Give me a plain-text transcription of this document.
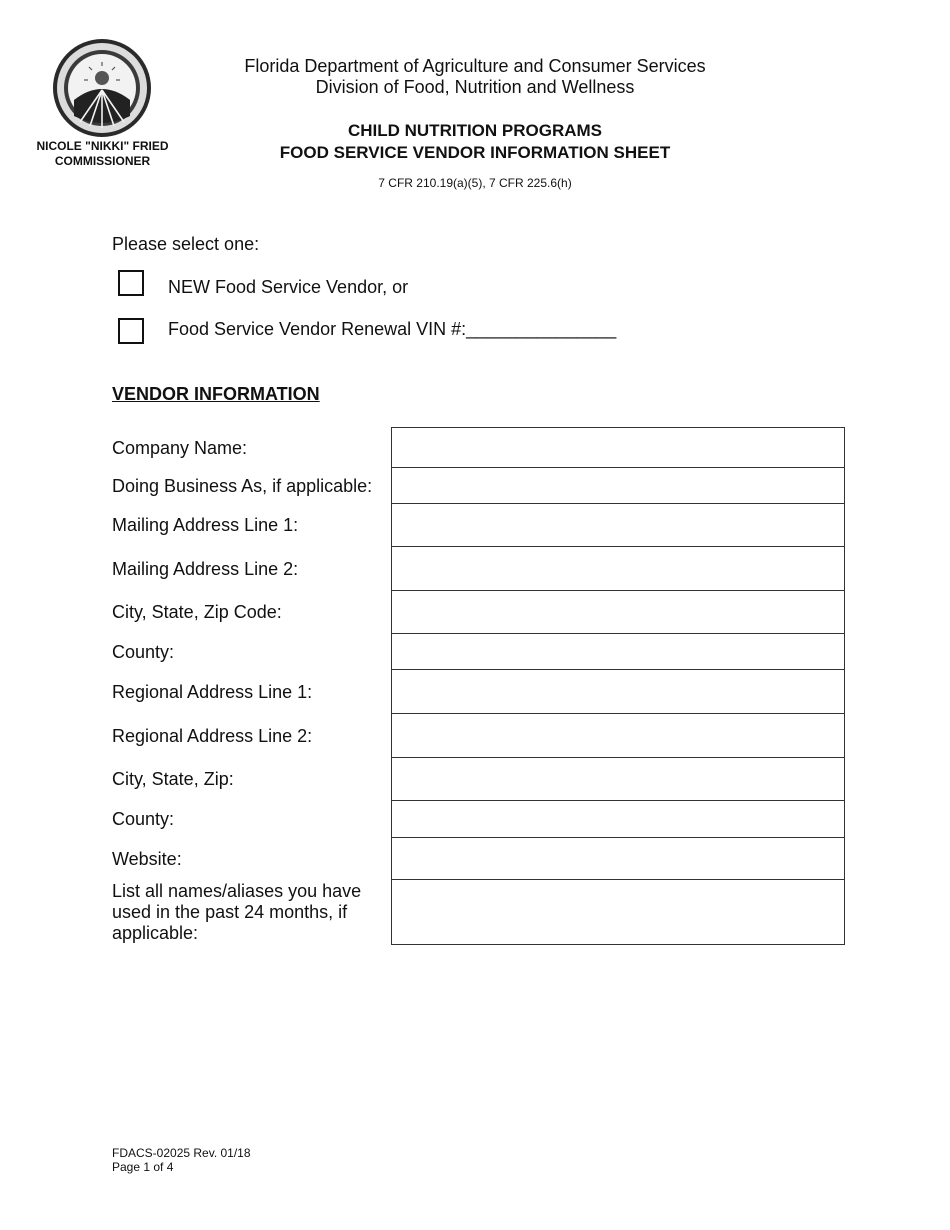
NICOLE "NIKKI" FRIED
COMMISSIONER
Florida Department of Agriculture and Consumer Services
Division of Food, Nutrition and Wellness
CHILD NUTRITION PROGRAMS
FOOD SERVICE VENDOR INFORMATION SHEET
7 CFR 210.19(a)(5), 7 CFR 225.6(h)
Please select one:
NEW Food Service Vendor, or
Food Service Vendor Renewal VIN #:_______________
VENDOR INFORMATION
Company Name:
Doing Business As, if applicable:
Mailing Address Line 1:
Mailing Address Line 2:
City, State, Zip Code:
County:
Regional Address Line 1:
Regional Address Line 2:
City, State, Zip:
County:
Website:
List all names/aliases you have used in the past 24 months, if applicable:
FDACS-02025 Rev. 01/18
Page 1 of 4
